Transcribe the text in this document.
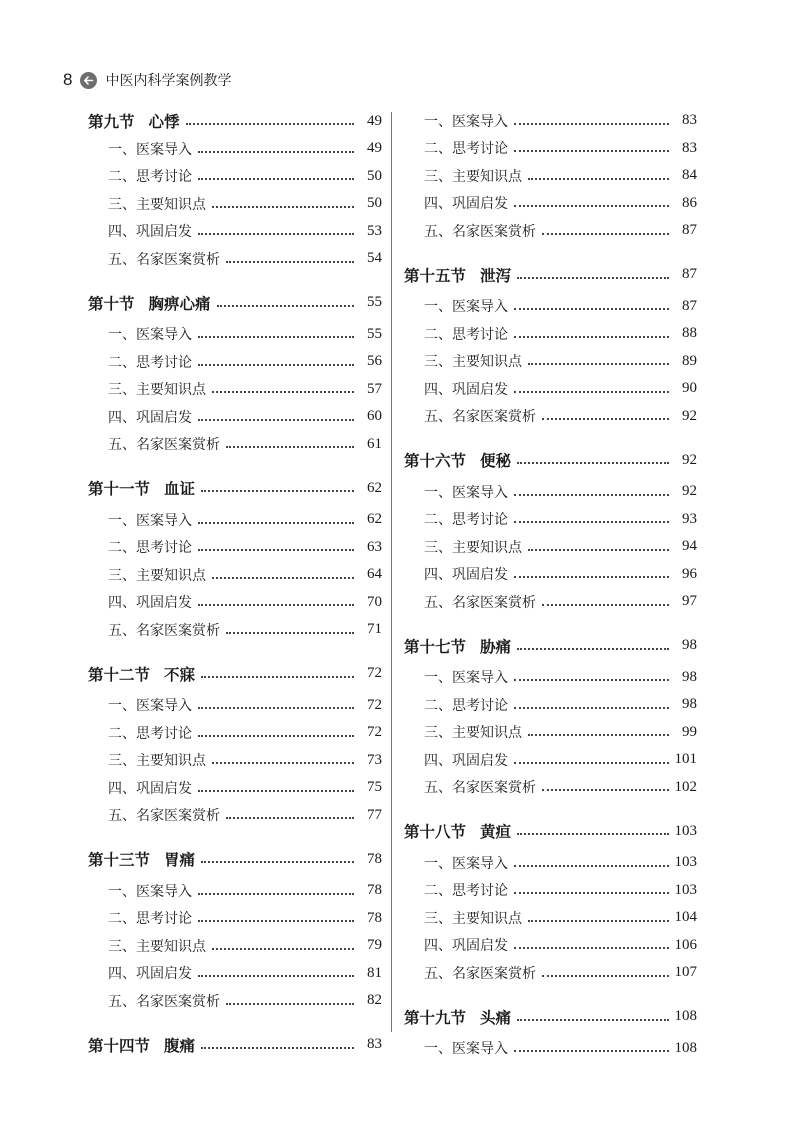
8 中医内科学案例教学
第九节 心悸	49
一、医案导入	49
二、思考讨论	50
三、主要知识点	50
四、巩固启发	53
五、名家医案赏析	54
第十节 胸痹心痛	55
一、医案导入	55
二、思考讨论	56
三、主要知识点	57
四、巩固启发	60
五、名家医案赏析	61
第十一节 血证	62
一、医案导入	62
二、思考讨论	63
三、主要知识点	64
四、巩固启发	70
五、名家医案赏析	71
第十二节 不寐	72
一、医案导入	72
二、思考讨论	72
三、主要知识点	73
四、巩固启发	75
五、名家医案赏析	77
第十三节 胃痛	78
一、医案导入	78
二、思考讨论	78
三、主要知识点	79
四、巩固启发	81
五、名家医案赏析	82
第十四节 腹痛	83
一、医案导入	83
二、思考讨论	83
三、主要知识点	84
四、巩固启发	86
五、名家医案赏析	87
第十五节 泄泻	87
一、医案导入	87
二、思考讨论	88
三、主要知识点	89
四、巩固启发	90
五、名家医案赏析	92
第十六节 便秘	92
一、医案导入	92
二、思考讨论	93
三、主要知识点	94
四、巩固启发	96
五、名家医案赏析	97
第十七节 胁痛	98
一、医案导入	98
二、思考讨论	98
三、主要知识点	99
四、巩固启发	101
五、名家医案赏析	102
第十八节 黄疸	103
一、医案导入	103
二、思考讨论	103
三、主要知识点	104
四、巩固启发	106
五、名家医案赏析	107
第十九节 头痛	108
一、医案导入	108
